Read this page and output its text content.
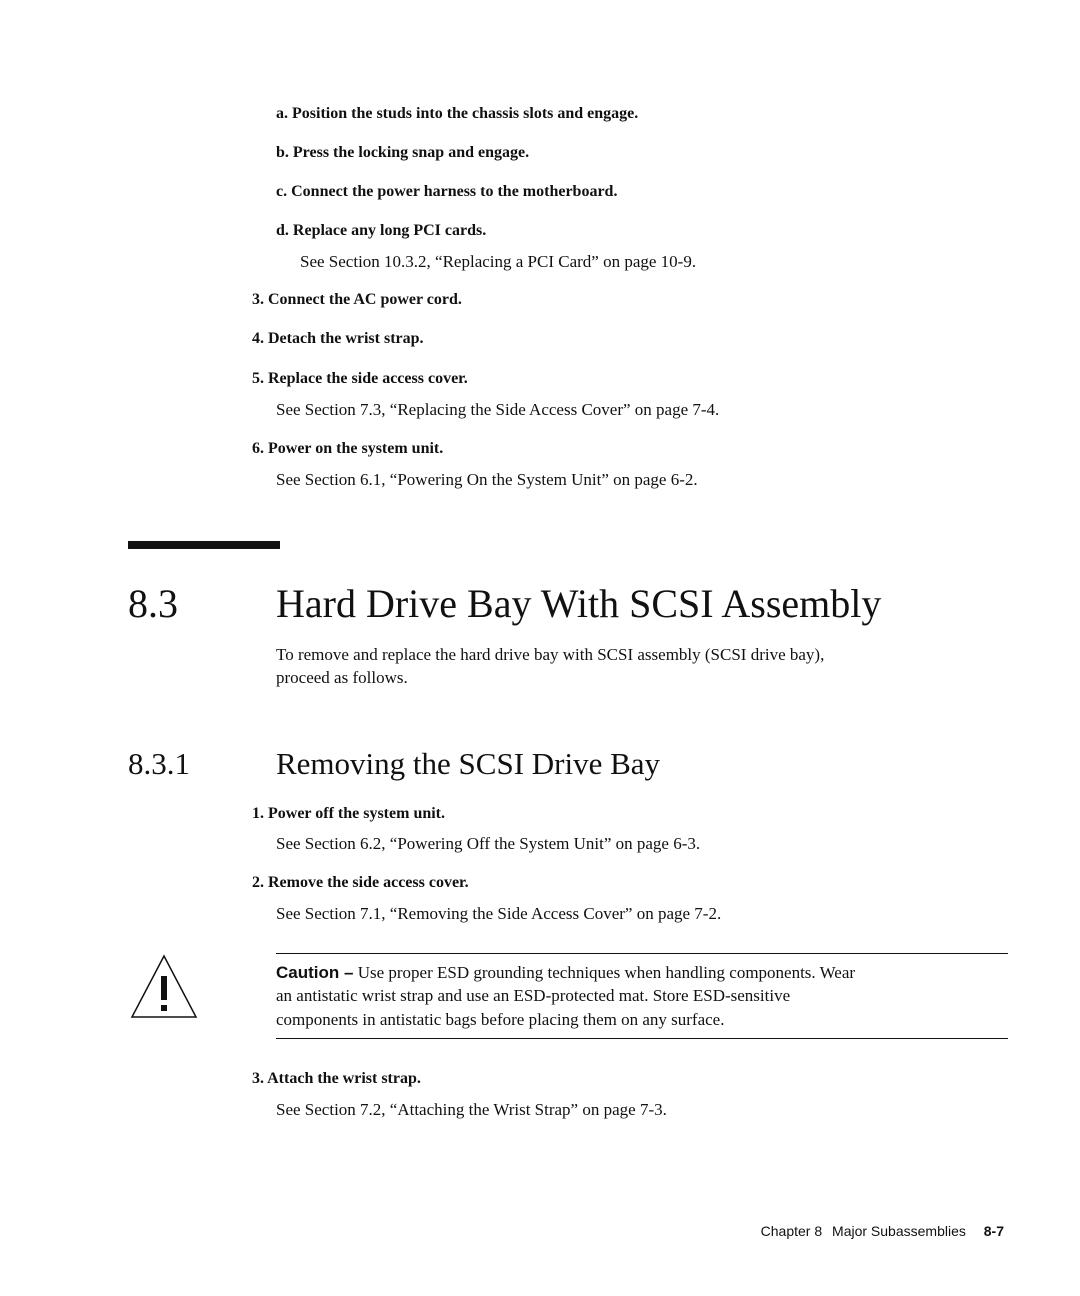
a. Position the studs into the chassis slots and engage.
b. Press the locking snap and engage.
c. Connect the power harness to the motherboard.
d. Replace any long PCI cards.
See Section 10.3.2, “Replacing a PCI Card” on page 10-9.
3. Connect the AC power cord.
4. Detach the wrist strap.
5. Replace the side access cover.
See Section 7.3, “Replacing the Side Access Cover” on page 7-4.
6. Power on the system unit.
See Section 6.1, “Powering On the System Unit” on page 6-2.
8.3 Hard Drive Bay With SCSI Assembly
To remove and replace the hard drive bay with SCSI assembly (SCSI drive bay),
proceed as follows.
8.3.1	Removing the SCSI Drive Bay
1. Power off the system unit.
See Section 6.2, “Powering Off the System Unit” on page 6-3.
2. Remove the side access cover.
See Section 7.1, “Removing the Side Access Cover” on page 7-2.
Caution – Use proper ESD grounding techniques when handling components. Wear
an antistatic wrist strap and use an ESD-protected mat. Store ESD-sensitive
components in antistatic bags before placing them on any surface.
3. Attach the wrist strap.
See Section 7.2, “Attaching the Wrist Strap” on page 7-3.
Chapter 8 Major Subassemblies 8-7
